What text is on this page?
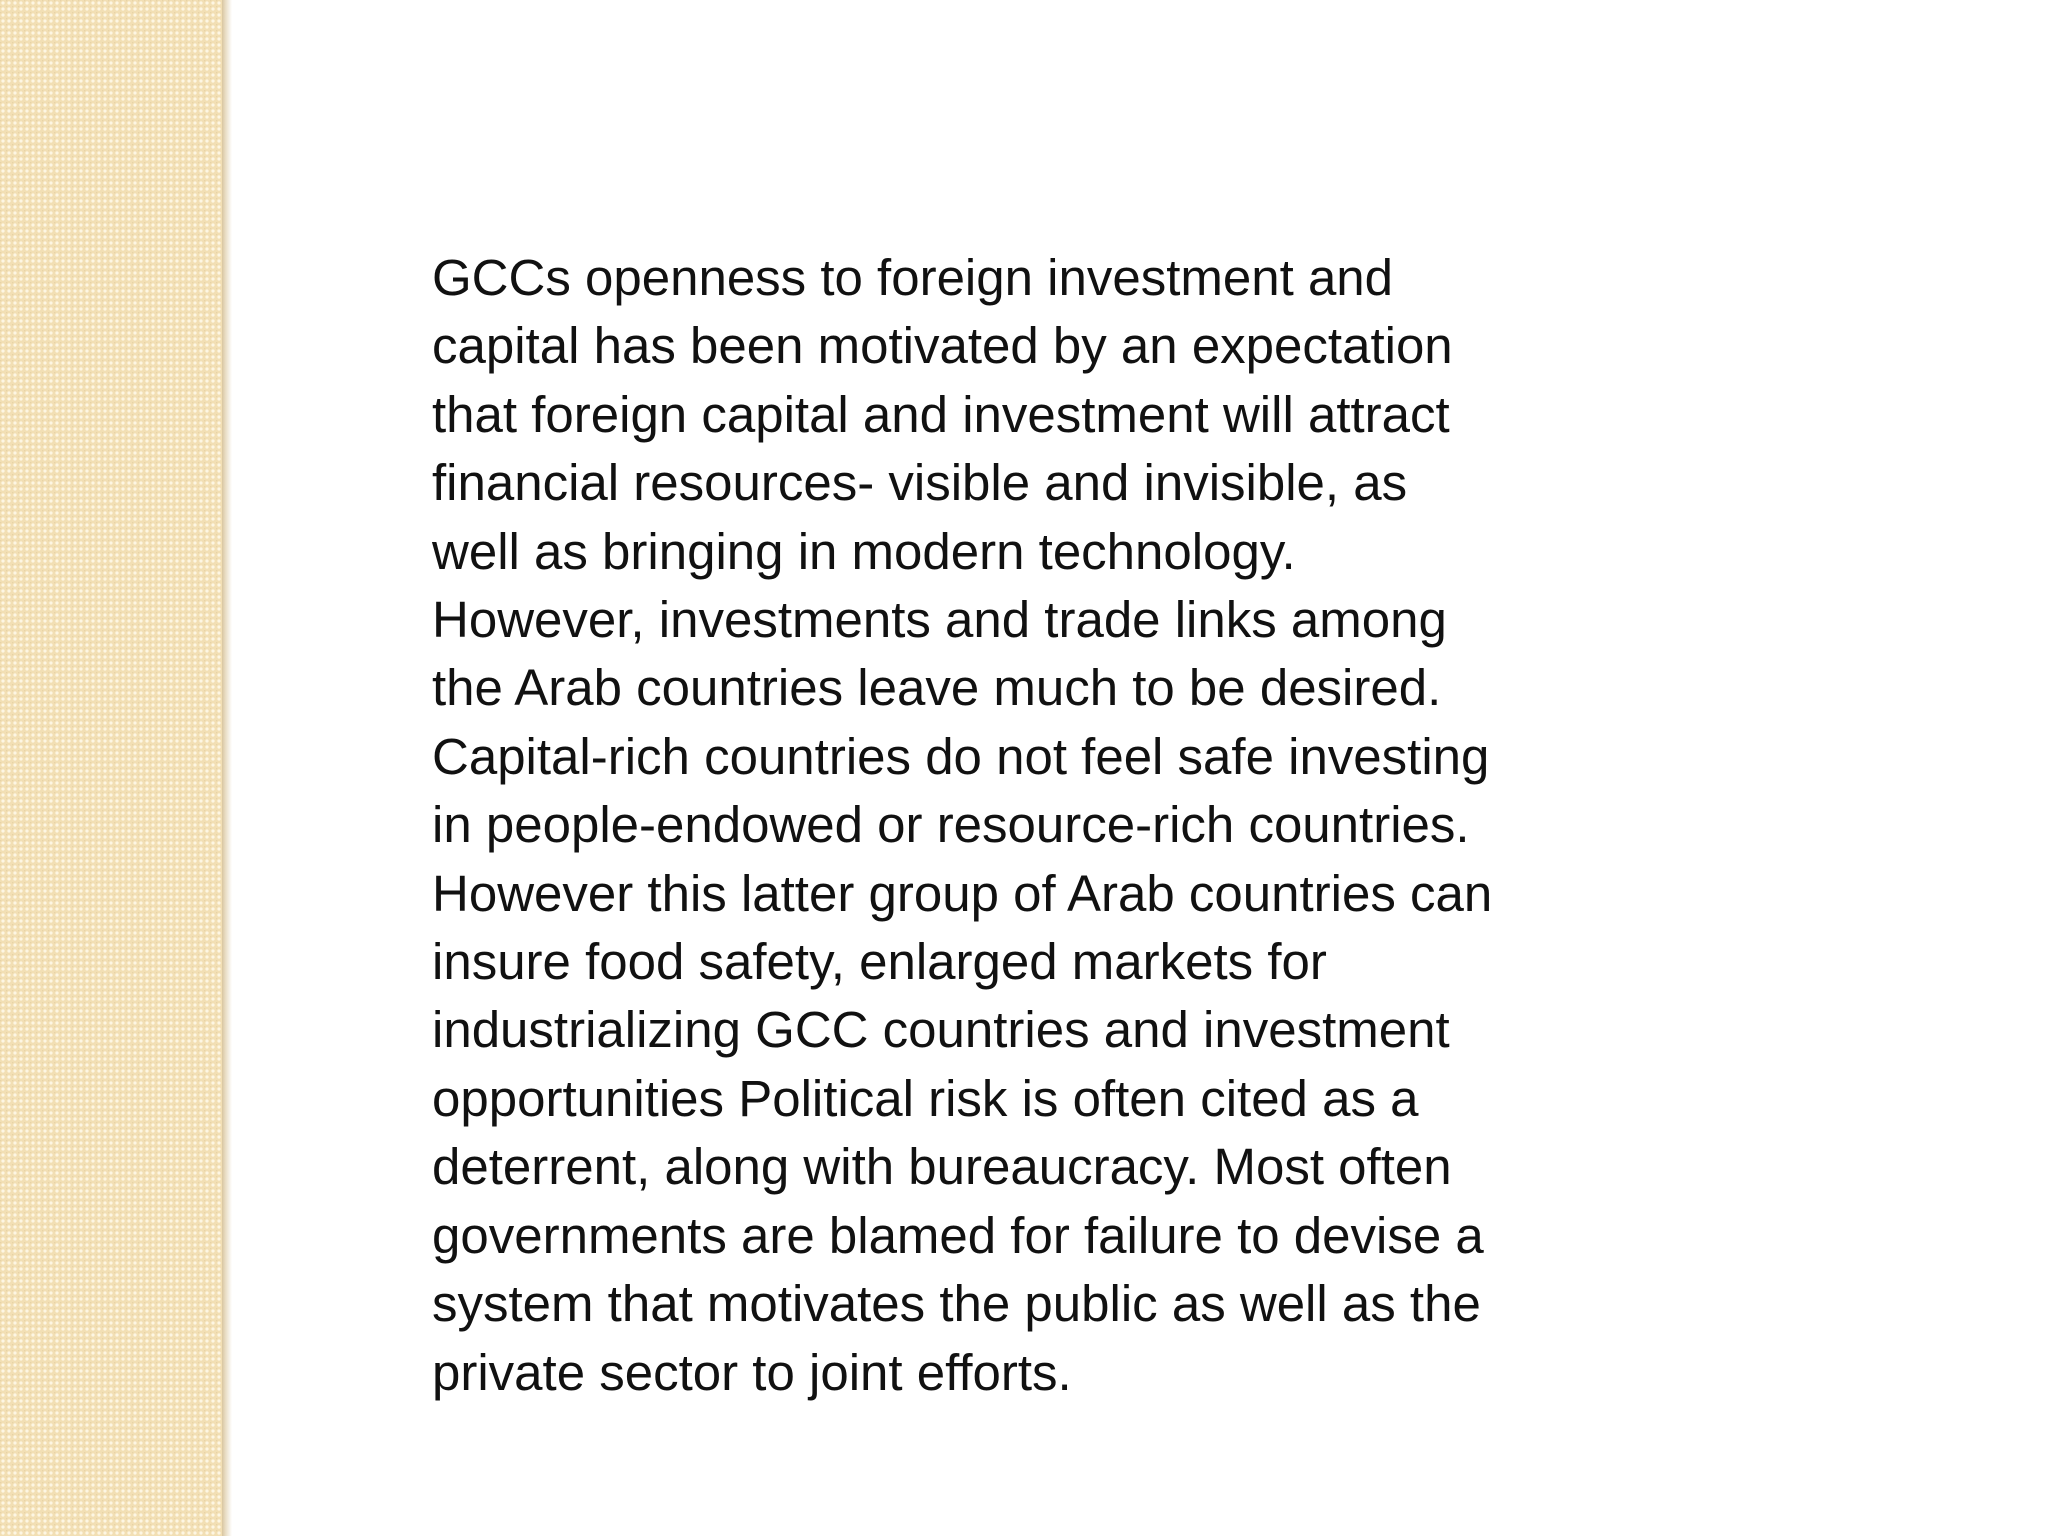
GCCs openness to foreign investment and
capital has been motivated by an expectation
that foreign capital and investment will attract
financial resources- visible and invisible, as
well as bringing in modern technology.
However, investments and trade links among
the Arab countries leave much to be desired.
Capital-rich countries do not feel safe investing
in people-endowed or resource-rich countries.
However this latter group of Arab countries can
insure food safety, enlarged markets for
industrializing GCC countries and investment
opportunities Political risk is often cited as a
deterrent, along with bureaucracy. Most often
governments are blamed for failure to devise a
system that motivates the public as well as the
private sector to joint efforts.
